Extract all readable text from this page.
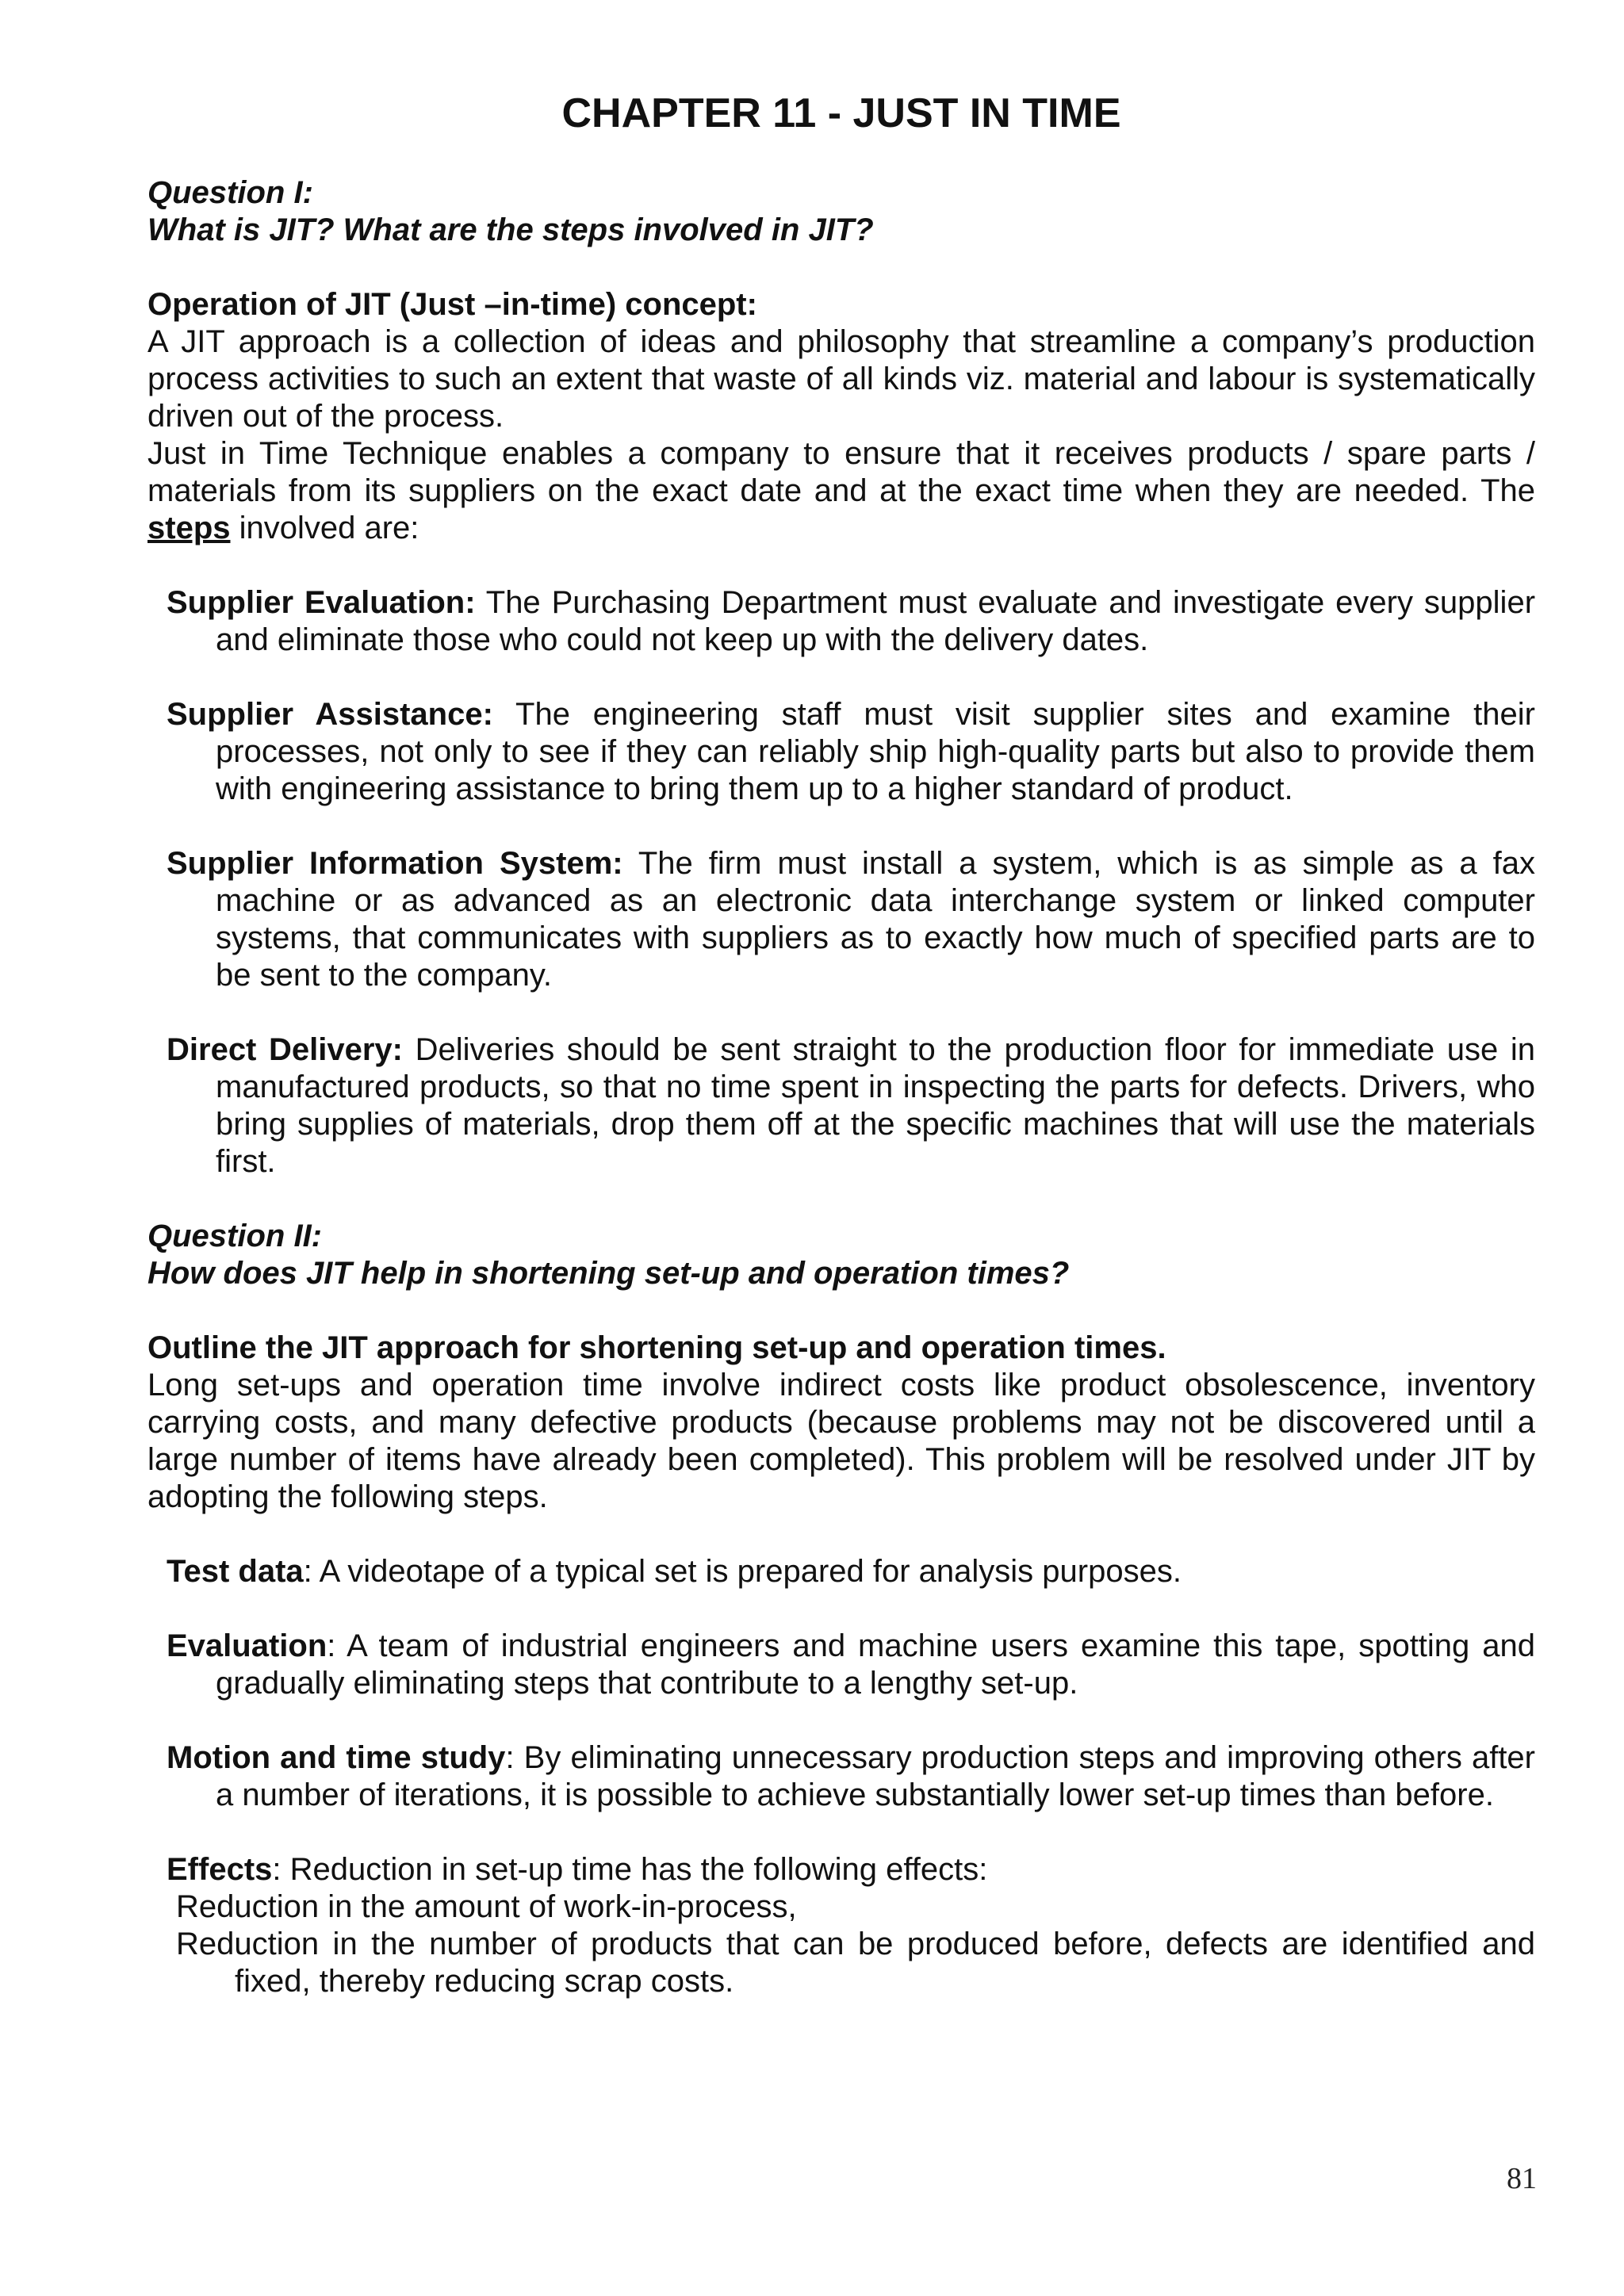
CHAPTER 11 - JUST IN TIME

Question I:

What is JIT? What are the steps involved in JIT?

Operation of JIT (Just –in-time) concept:

A JIT approach is a collection of ideas and philosophy that streamline a company’s production process activities to such an extent that waste of all kinds viz. material and labour is systematically driven out of the process.

Just in Time Technique enables a company to ensure that it receives products / spare parts / materials from its suppliers on the exact date and at the exact time when they are needed. The steps involved are:

Supplier Evaluation: The Purchasing Department must evaluate and investigate every supplier and eliminate those who could not keep up with the delivery dates.

Supplier Assistance: The engineering staff must visit supplier sites and examine their processes, not only to see if they can reliably ship high-quality parts but also to provide them with engineering assistance to bring them up to a higher standard of product.

Supplier Information System: The firm must install a system, which is as simple as a fax machine or as advanced as an electronic data interchange system or linked computer systems, that communicates with suppliers as to exactly how much of specified parts are to be sent to the company.

Direct Delivery: Deliveries should be sent straight to the production floor for immediate use in manufactured products, so that no time spent in inspecting the parts for defects. Drivers, who bring supplies of materials, drop them off at the specific machines that will use the materials first.

Question II:

How does JIT help in shortening set-up and operation times?

Outline the JIT approach for shortening set-up and operation times.

Long set-ups and operation time involve indirect costs like product obsolescence, inventory carrying costs, and many defective products (because problems may not be discovered until a large number of items have already been completed). This problem will be resolved under JIT by adopting the following steps.

Test data: A videotape of a typical set is prepared for analysis purposes.

Evaluation: A team of industrial engineers and machine users examine this tape, spotting and gradually eliminating steps that contribute to a lengthy set-up.

Motion and time study: By eliminating unnecessary production steps and improving others after a number of iterations, it is possible to achieve substantially lower set-up times than before.

Effects: Reduction in set-up time has the following effects:

Reduction in the amount of work-in-process,

Reduction in the number of products that can be produced before, defects are identified and fixed, thereby reducing scrap costs.

81
